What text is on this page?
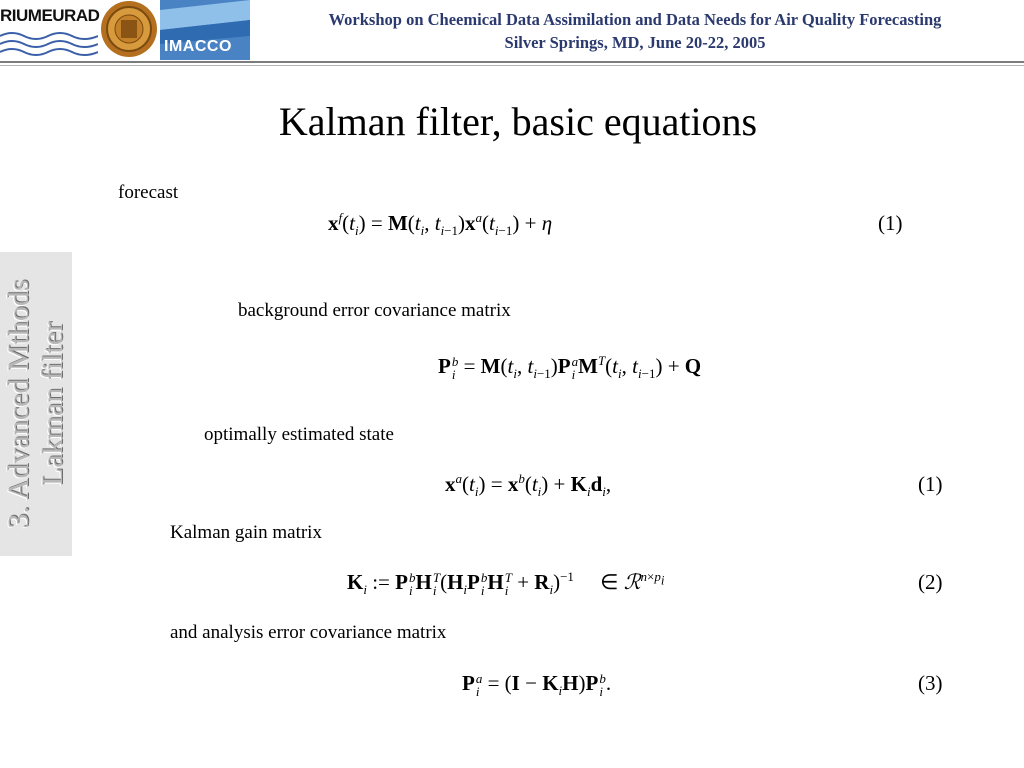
RIUMEURAD
IMACCO
Workshop on Cheemical Data Assimilation and Data Needs for Air Quality Forecasting
Silver Springs, MD, June 20-22, 2005
Kalman filter, basic equations
3. Advanced Mthods Lakman filter
forecast
$x^f(t_i) = M(t_i$, $t_{i-1})x^a(t_{i-1}) + \eta$	(1)
background error covariance matrix
P b
$i = M(t_i$, $t_{i-1})P$ a
i $M^T(t_i$, $t_{i-1}) + Q$
optimally estimated state
$x^a(t_i) = x^b(t_i) + K_id_i$,	(1)
Kalman gain matrix
$K_i$ := P b
i H T
i ($H_iP$ b
i H T
$i + R_i)^{-1}$     ∈ ℛ$^{n\times p_i}$	(2)
and analysis error covariance matrix
P a
$i = (I - K_iH)P$ b
i .	(3)
